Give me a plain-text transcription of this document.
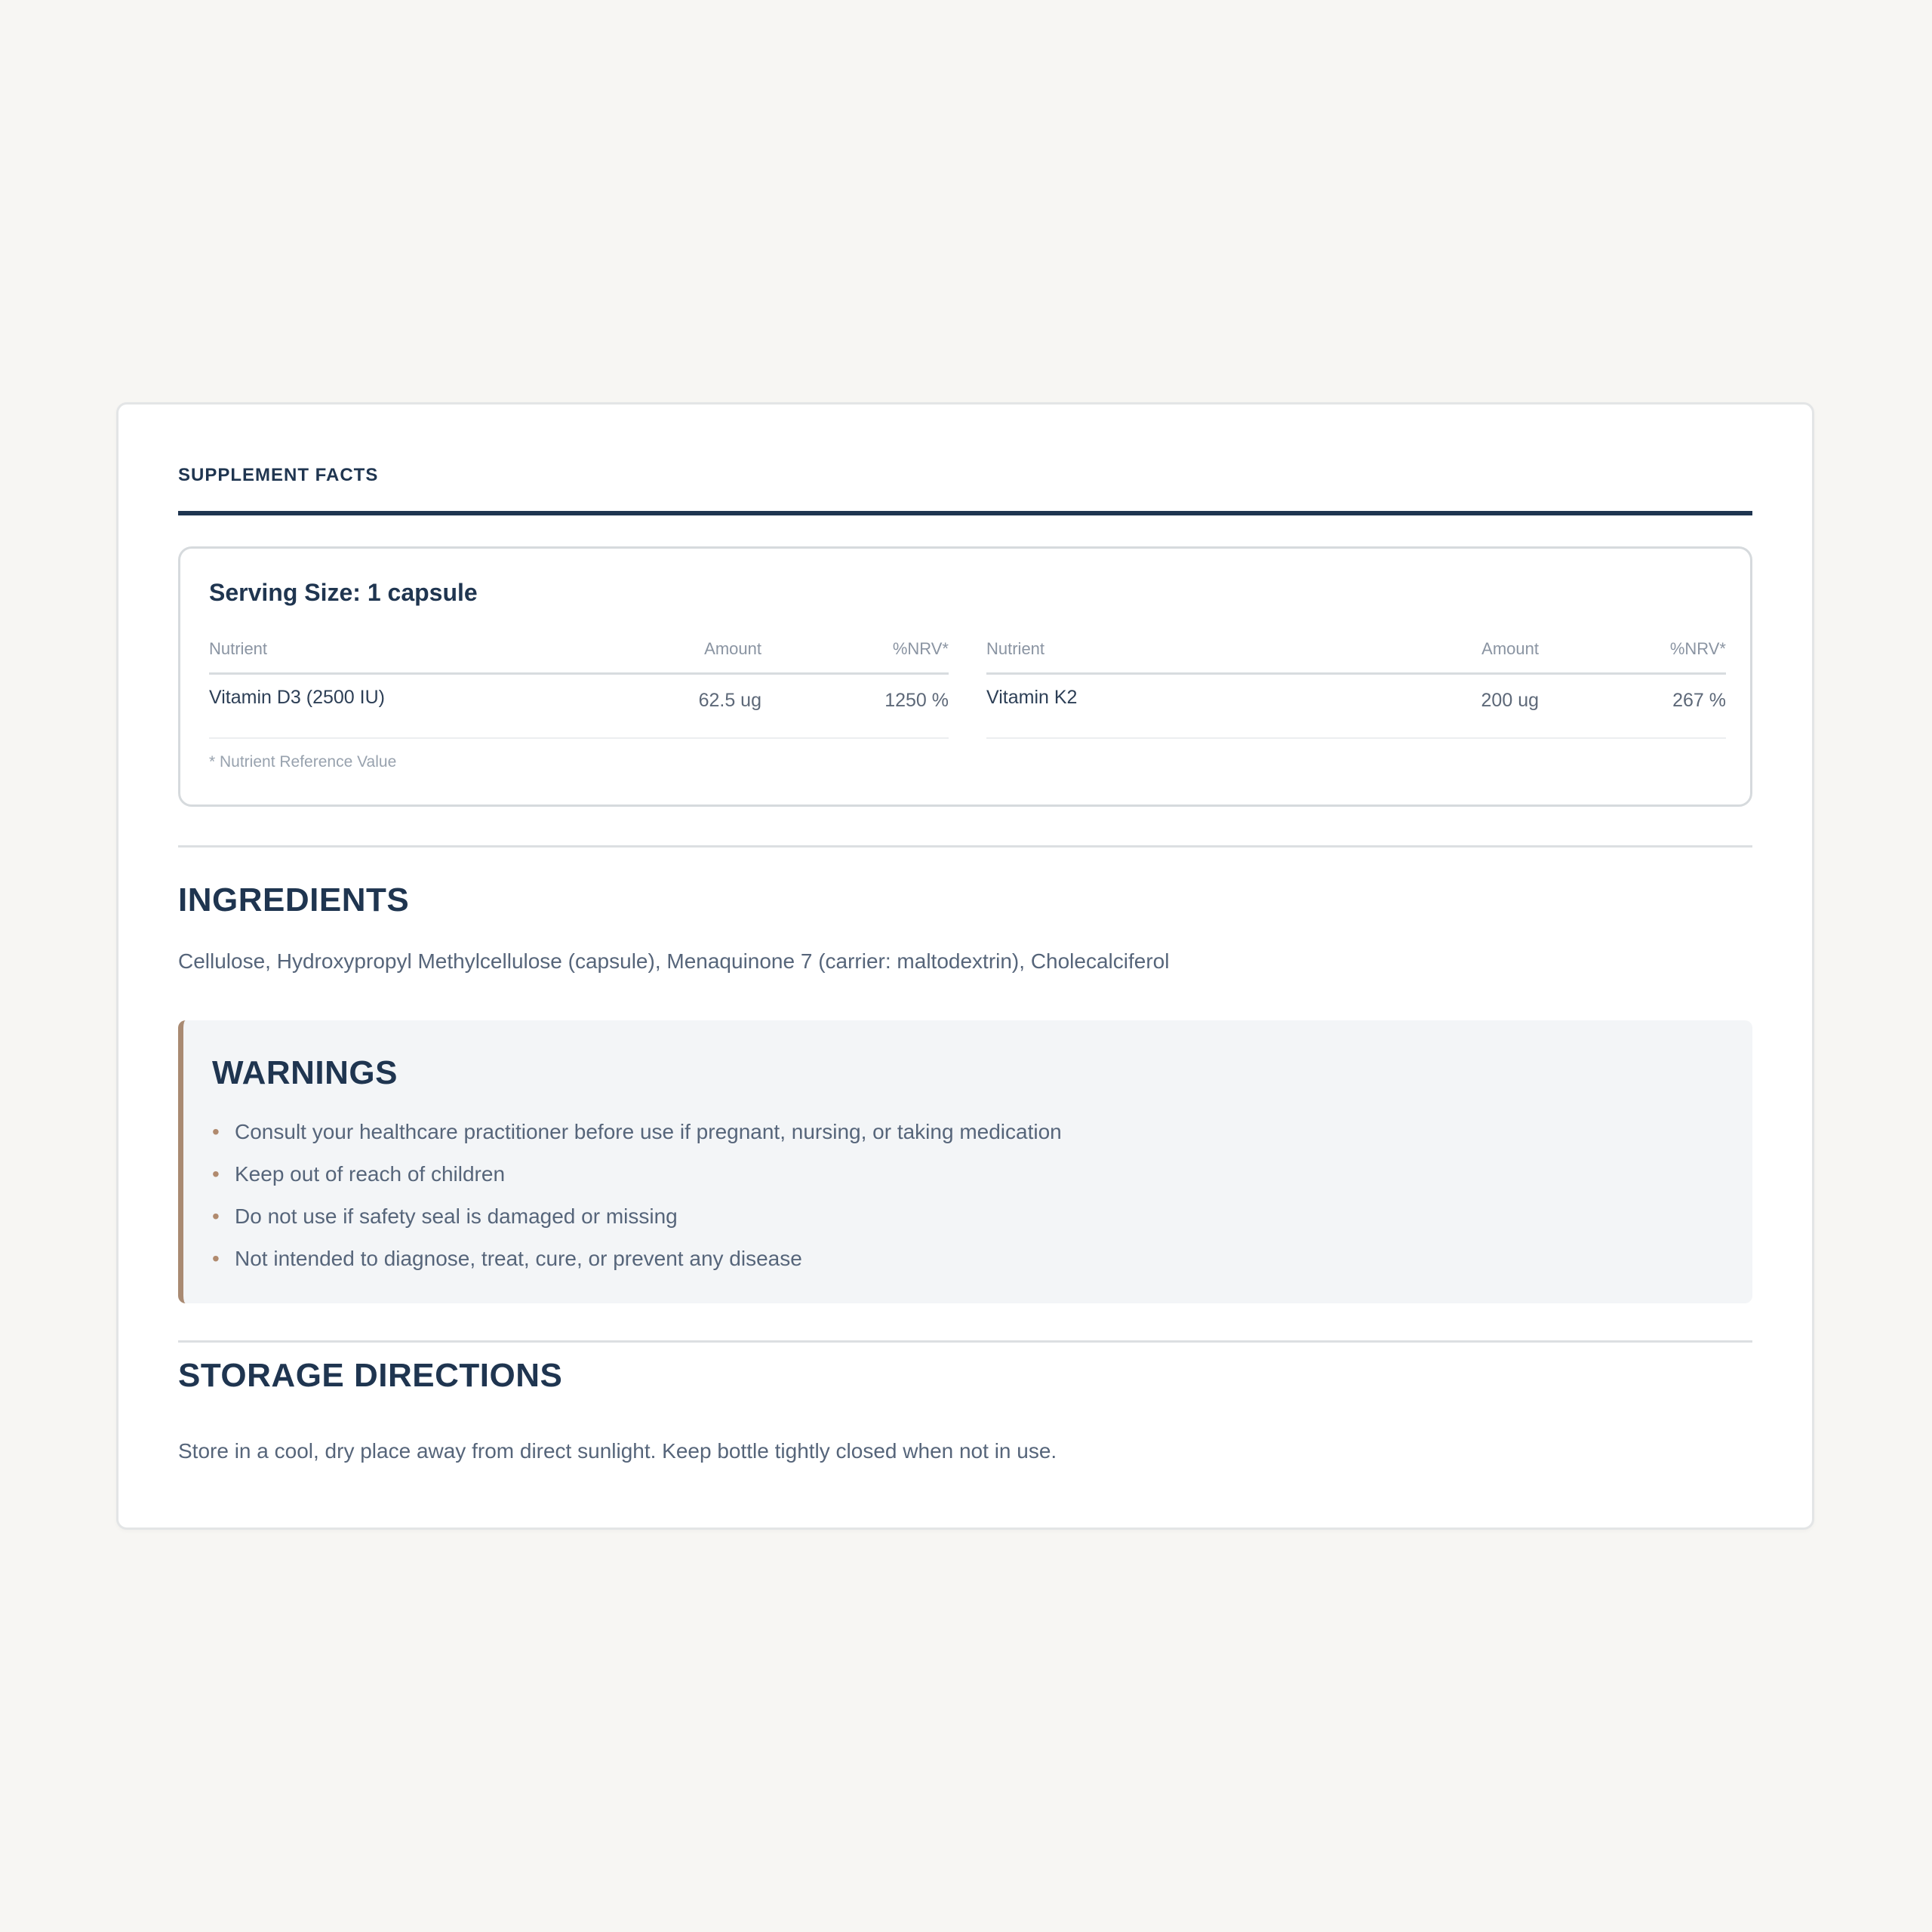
SUPPLEMENT FACTS
Serving Size: 1 capsule
Nutrient	Amount	%NRV*
Vitamin D3 (2500 IU)	62.5 ug	1250 %
Nutrient	Amount	%NRV*
Vitamin K2	200 ug	267 %
* Nutrient Reference Value
INGREDIENTS
Cellulose, Hydroxypropyl Methylcellulose (capsule), Menaquinone 7 (carrier: maltodextrin), Cholecalciferol
WARNINGS
• Consult your healthcare practitioner before use if pregnant, nursing, or taking medication
• Keep out of reach of children
• Do not use if safety seal is damaged or missing
• Not intended to diagnose, treat, cure, or prevent any disease
STORAGE DIRECTIONS
Store in a cool, dry place away from direct sunlight. Keep bottle tightly closed when not in use.
